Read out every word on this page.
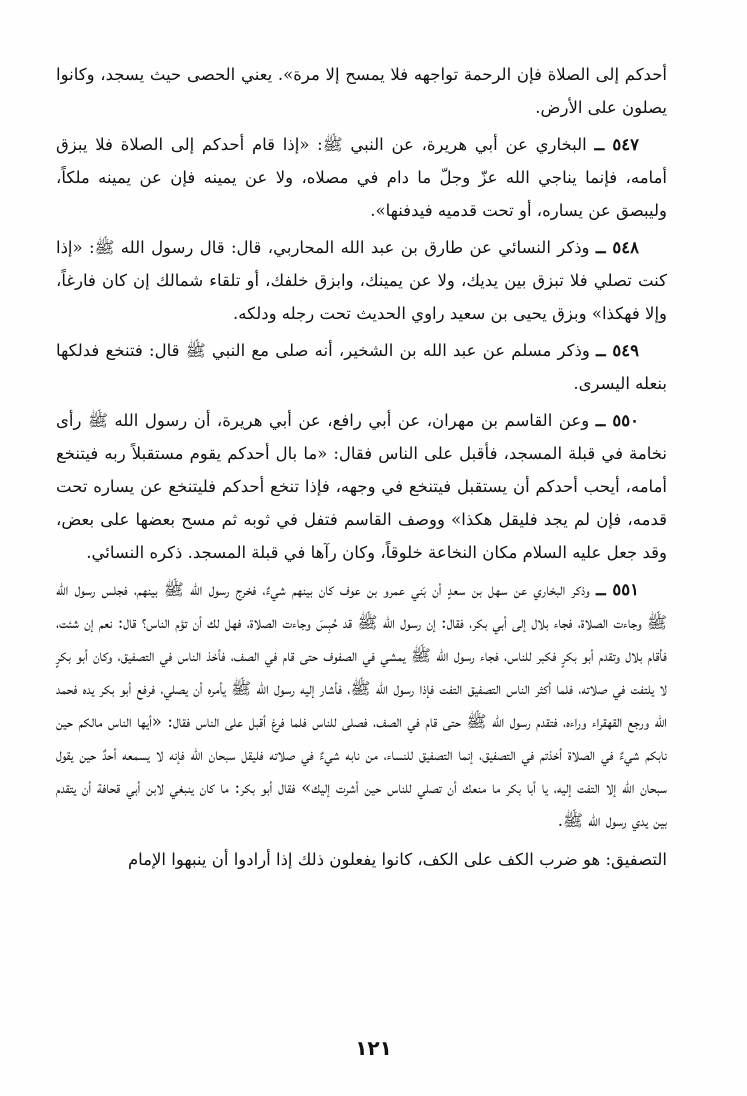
أحدكم إلى الصلاة فإن الرحمة تواجهه فلا يمسح إلا مرة». يعني الحصى حيث يسجد، وكانوا يصلون على الأرض.

٥٤٧ ــ البخاري عن أبي هريرة، عن النبي ﷺ: «إذا قام أحدكم إلى الصلاة فلا يبزق أمامه، فإنما يناجي الله عزّ وجلّ ما دام في مصلاه، ولا عن يمينه فإن عن يمينه ملكاً، وليبصق عن يساره، أو تحت قدميه فيدفنها».

٥٤٨ ــ وذكر النسائي عن طارق بن عبد الله المحاربي، قال: قال رسول الله ﷺ: «إذا كنت تصلي فلا تبزق بين يديك، ولا عن يمينك، وابزق خلفك، أو تلقاء شمالك إن كان فارغاً، وإلا فهكذا» وبزق يحيى بن سعيد راوي الحديث تحت رجله ودلكه.

٥٤٩ ــ وذكر مسلم عن عبد الله بن الشخير، أنه صلى مع النبي ﷺ قال: فتنخع فدلكها بنعله اليسرى.

٥٥٠ ــ وعن القاسم بن مهران، عن أبي رافع، عن أبي هريرة، أن رسول الله ﷺ رأى نخامة في قبلة المسجد، فأقبل على الناس فقال: «ما بال أحدكم يقوم مستقبلاً ربه فيتنخع أمامه، أيحب أحدكم أن يستقبل فيتنخع في وجهه، فإذا تنخع أحدكم فليتنخع عن يساره تحت قدمه، فإن لم يجد فليقل هكذا» ووصف القاسم فتفل في ثوبه ثم مسح بعضها على بعض، وقد جعل عليه السلام مكان النخاعة خلوقاً، وكان رآها في قبلة المسجد. ذكره النسائي.

٥٥١ ــ وذكر البخاري عن سهل بن سعدٍ أن بَني عمرو بن عوف كان بينهم شيءٌ، فخرج رسول الله ﷺ بينهم، فجلس رسول الله ﷺ وجاءت الصلاة، فجاء بلال إلى أبي بكر، فقال: إن رسول الله ﷺ قد حُبِسَ وجاءت الصلاة، فهل لك أن تؤم الناس؟ قال: نعم إن شئت، فأقام بلال وتقدم أبو بكرٍ فكبر للناس، فجاء رسول الله ﷺ يمشي في الصفوف حتى قام في الصف، فأخذ الناس في التصفيق، وكان أبو بكرٍ لا يلتفت في صلاته، فلما أكثر الناس التصفيق التفت فإذا رسول الله ﷺ، فأشار إليه رسول الله ﷺ يأمره أن يصلي، فرفع أبو بكر يده فحمد الله ورجع القهقراء وراءه، فتقدم رسول الله ﷺ حتى قام في الصف، فصلى للناس فلما فرغ أقبل على الناس فقال: «أيها الناس مالكم حين نابكم شيءٌ في الصلاة أخذتم في التصفيق، إنما التصفيق للنساء، من نابه شيءٌ في صلاته فليقل سبحان الله فإنه لا يسمعه أحدٌ حين يقول سبحان الله إلا التفت إليه، يا أبا بكر ما منعك أن تصلي للناس حين أشرت إليك» فقال أبو بكر: ما كان ينبغي لابن أبي قحافة أن يتقدم بين يدي رسول الله ﷺ.

التصفيق: هو ضرب الكف على الكف، كانوا يفعلون ذلك إذا أرادوا أن ينبهوا الإمام

١٢١
